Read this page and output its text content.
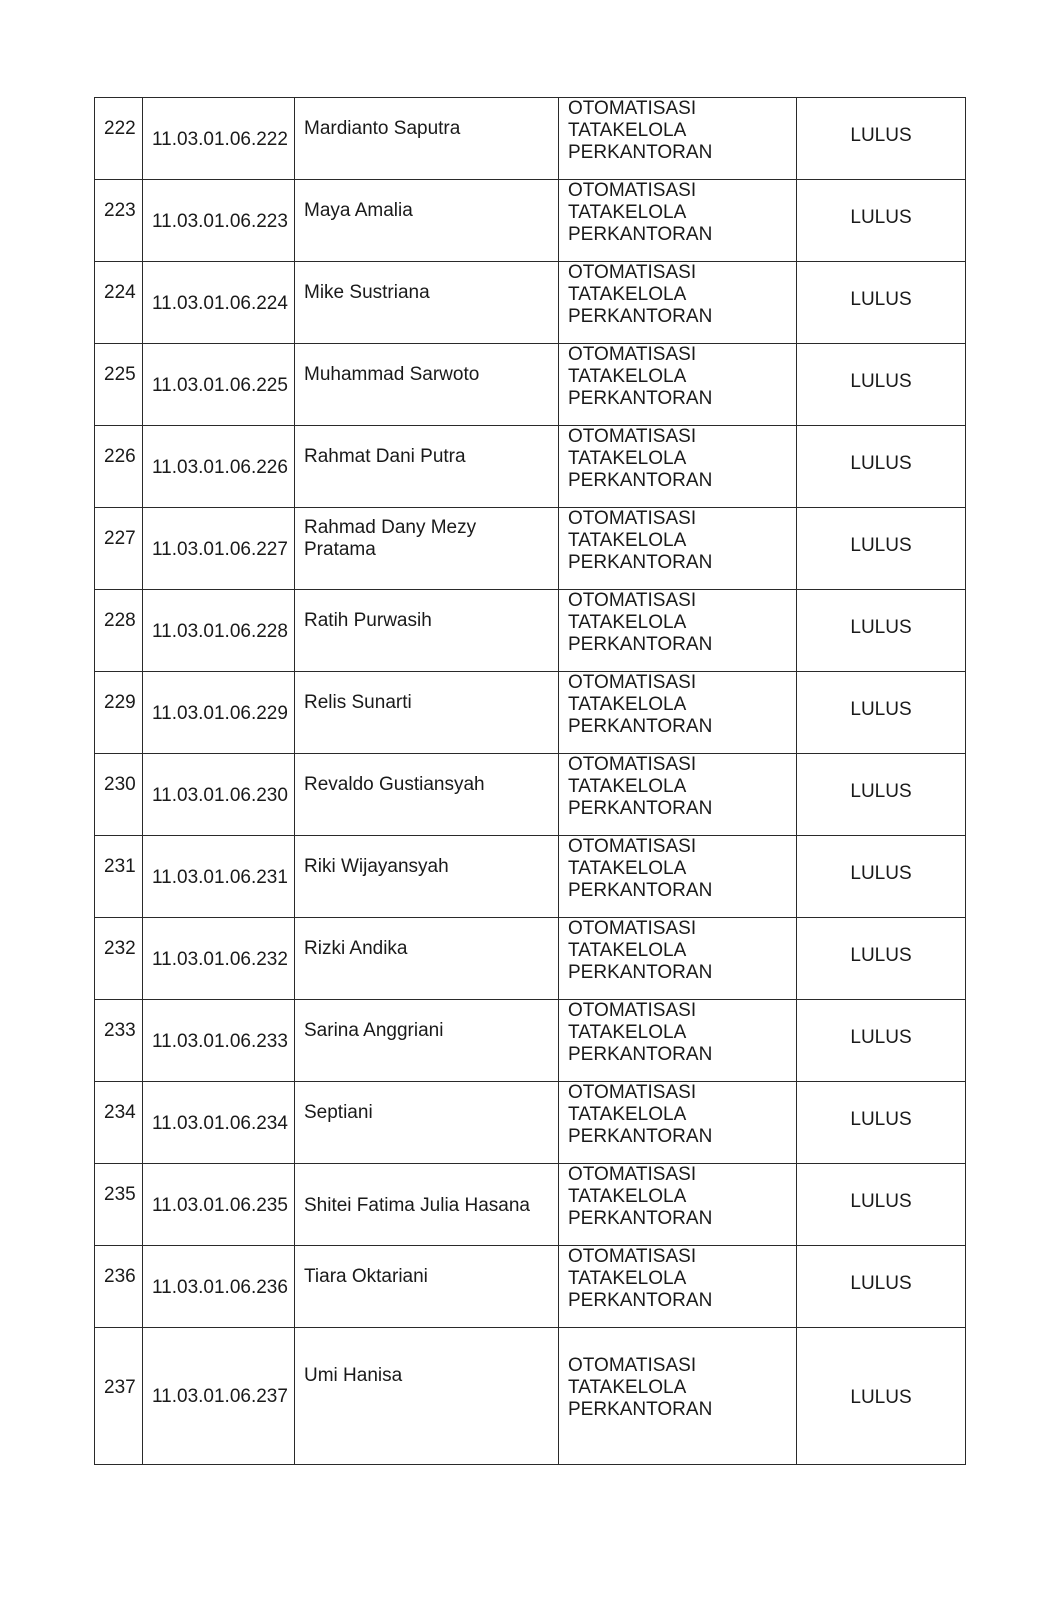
222	11.03.01.06.222	Mardianto Saputra	OTOMATISASI
TATAKELOLA
PERKANTORAN	LULUS

223	11.03.01.06.223	Maya Amalia	OTOMATISASI
TATAKELOLA
PERKANTORAN	LULUS

224	11.03.01.06.224	Mike Sustriana	OTOMATISASI
TATAKELOLA
PERKANTORAN	LULUS

225	11.03.01.06.225	Muhammad Sarwoto	OTOMATISASI
TATAKELOLA
PERKANTORAN	LULUS

226	11.03.01.06.226	Rahmat Dani Putra	OTOMATISASI
TATAKELOLA
PERKANTORAN	LULUS

227	11.03.01.06.227	Rahmad Dany Mezy Pratama	OTOMATISASI
TATAKELOLA
PERKANTORAN	LULUS

228	11.03.01.06.228	Ratih Purwasih	OTOMATISASI
TATAKELOLA
PERKANTORAN	LULUS

229	11.03.01.06.229	Relis Sunarti	OTOMATISASI
TATAKELOLA
PERKANTORAN	LULUS

230	11.03.01.06.230	Revaldo Gustiansyah	OTOMATISASI
TATAKELOLA
PERKANTORAN	LULUS

231	11.03.01.06.231	Riki Wijayansyah	OTOMATISASI
TATAKELOLA
PERKANTORAN	LULUS

232	11.03.01.06.232	Rizki Andika	OTOMATISASI
TATAKELOLA
PERKANTORAN	LULUS

233	11.03.01.06.233	Sarina Anggriani	OTOMATISASI
TATAKELOLA
PERKANTORAN	LULUS

234	11.03.01.06.234	Septiani	OTOMATISASI
TATAKELOLA
PERKANTORAN	LULUS

235	11.03.01.06.235	Shitei Fatima Julia Hasana	OTOMATISASI
TATAKELOLA
PERKANTORAN	LULUS

236	11.03.01.06.236	Tiara Oktariani	OTOMATISASI
TATAKELOLA
PERKANTORAN	LULUS

237	11.03.01.06.237	Umi Hanisa	OTOMATISASI
TATAKELOLA
PERKANTORAN	LULUS
